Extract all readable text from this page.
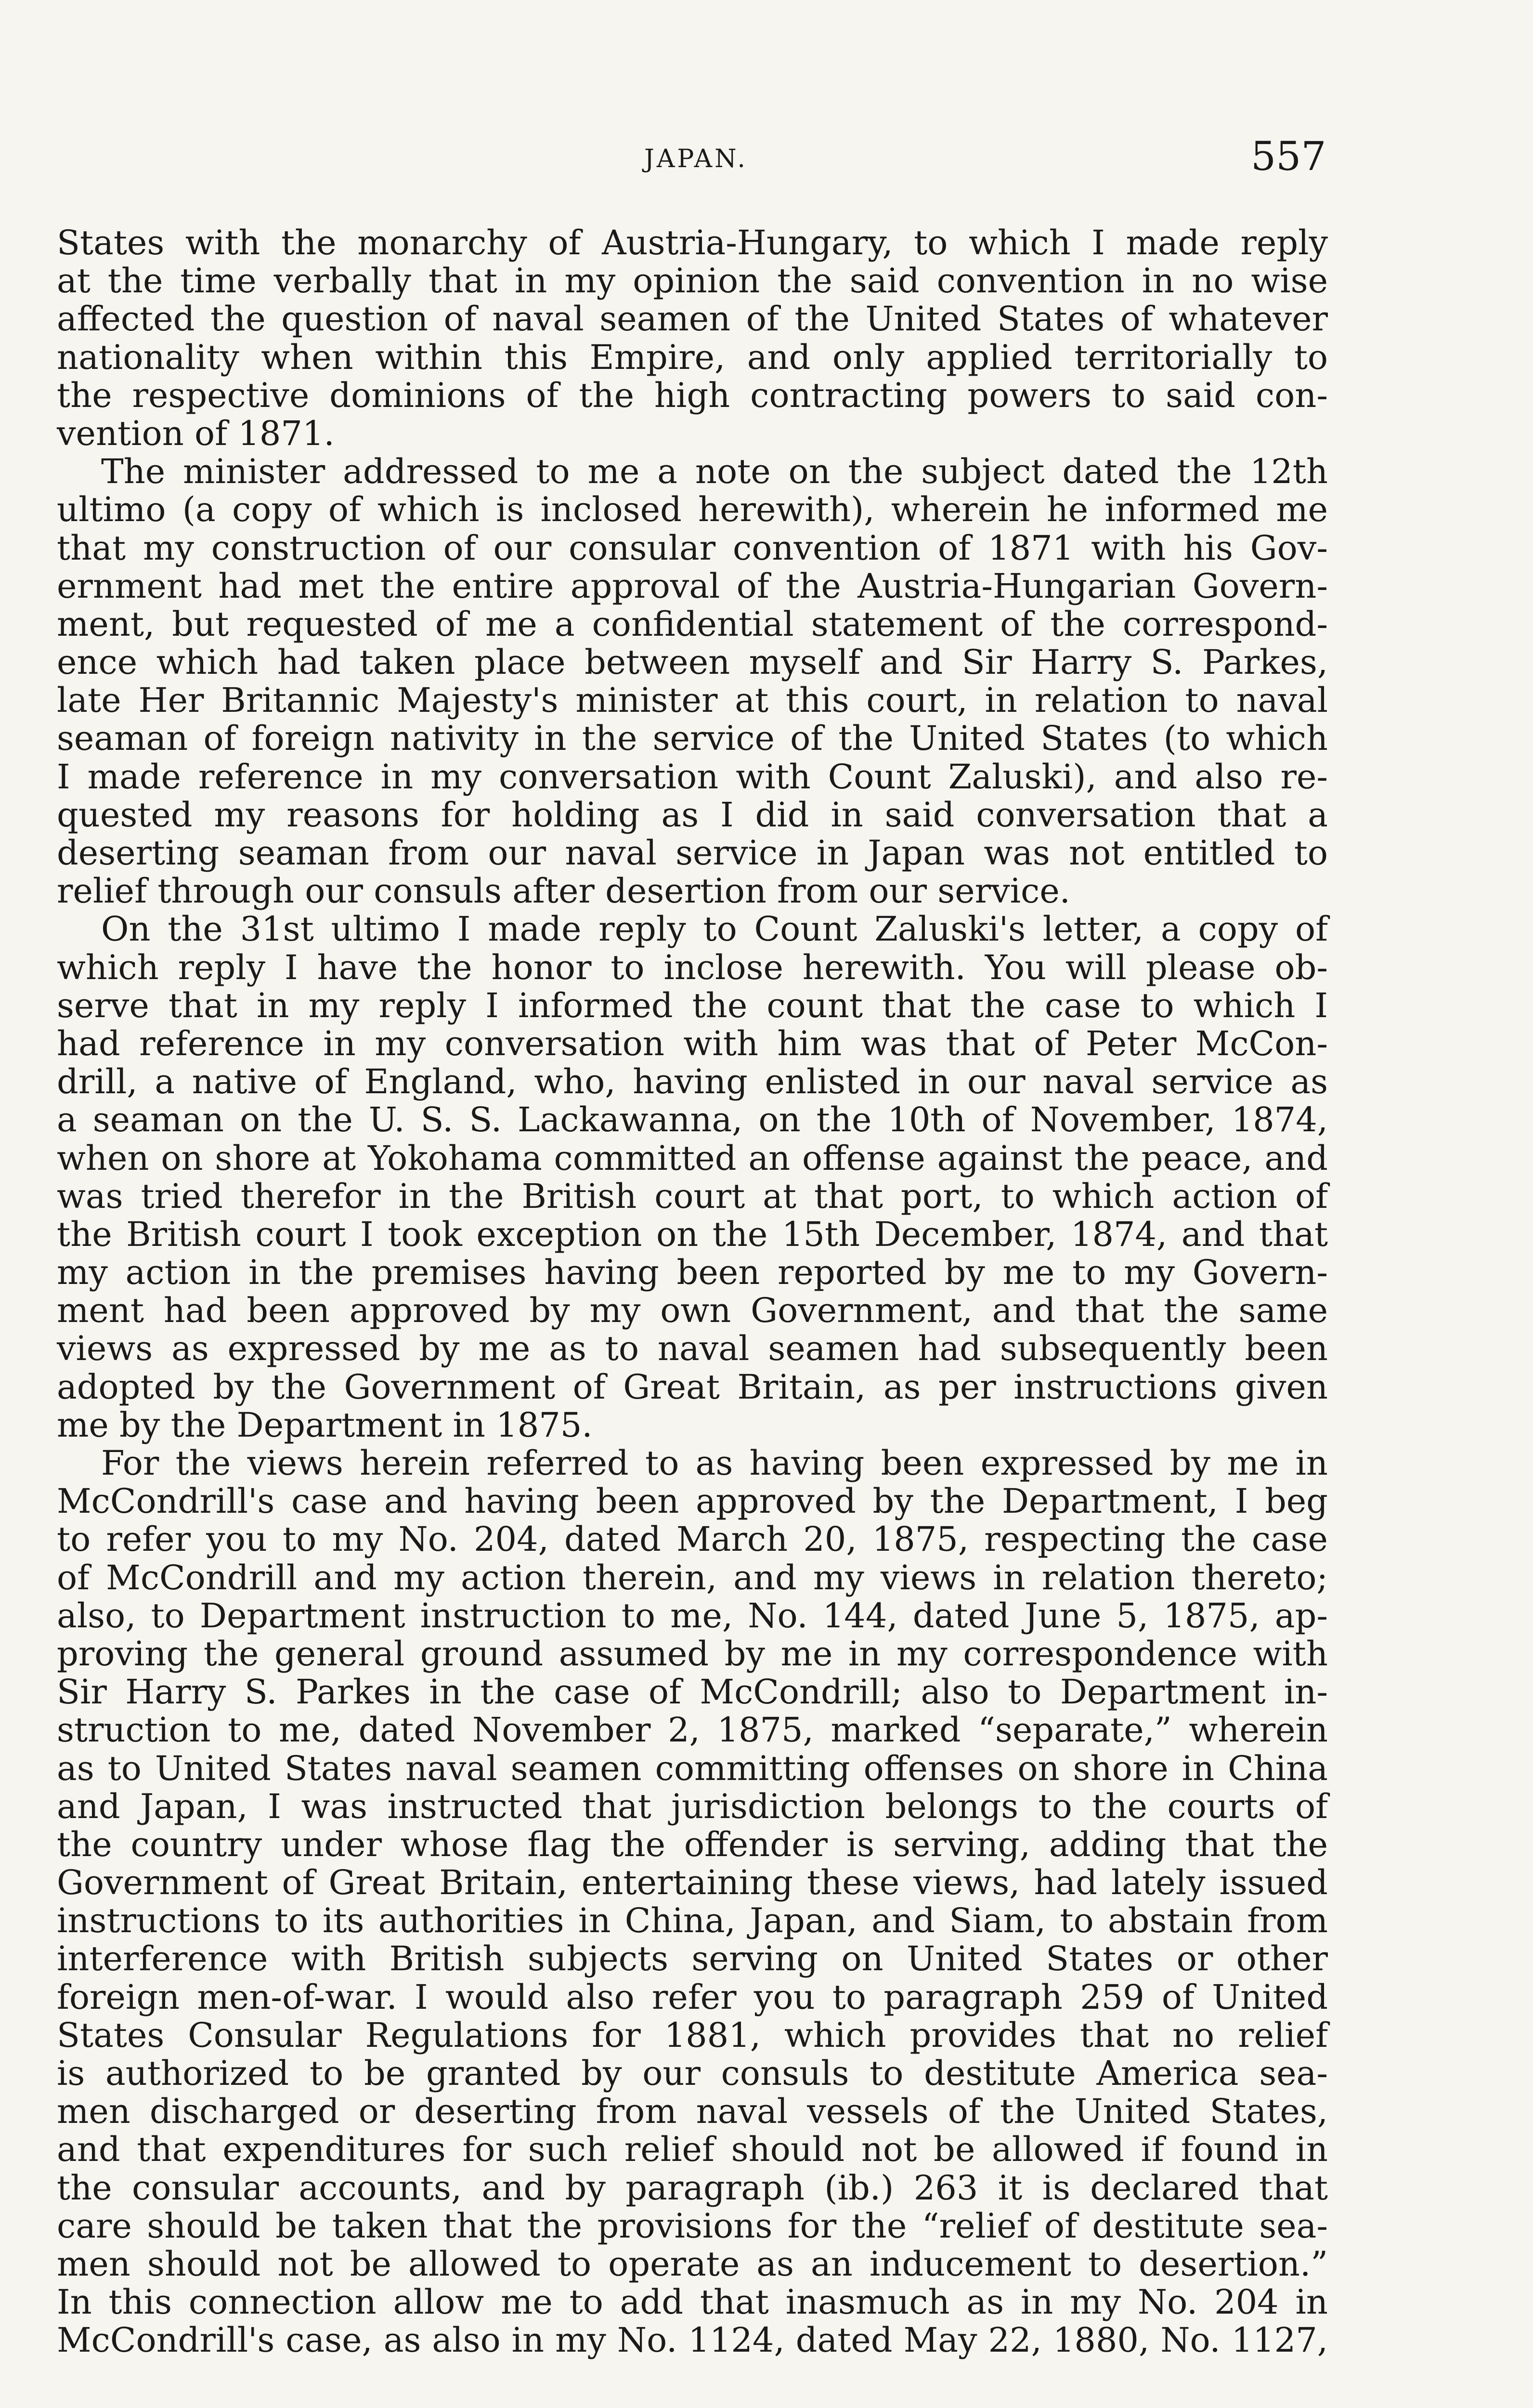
JAPAN.	557
States with the monarchy of Austria-Hungary, to which I made reply
at the time verbally that in my opinion the said convention in no wise
affected the question of naval seamen of the United States of whatever
nationality when within this Empire, and only applied territorially to
the respective dominions of the high contracting powers to said con-
vention of 1871.
The minister addressed to me a note on the subject dated the 12th
ultimo (a copy of which is inclosed herewith), wherein he informed me
that my construction of our consular convention of 1871 with his Gov-
ernment had met the entire approval of the Austria-Hungarian Govern-
ment, but requested of me a confidential statement of the correspond-
ence which had taken place between myself and Sir Harry S. Parkes,
late Her Britannic Majesty's minister at this court, in relation to naval
seaman of foreign nativity in the service of the United States (to which
I made reference in my conversation with Count Zaluski), and also re-
quested my reasons for holding as I did in said conversation that a
deserting seaman from our naval service in Japan was not entitled to
relief through our consuls after desertion from our service.
On the 31st ultimo I made reply to Count Zaluski's letter, a copy of
which reply I have the honor to inclose herewith. You will please ob-
serve that in my reply I informed the count that the case to which I
had reference in my conversation with him was that of Peter McCon-
drill, a native of England, who, having enlisted in our naval service as
a seaman on the U. S. S. Lackawanna, on the 10th of November, 1874,
when on shore at Yokohama committed an offense against the peace, and
was tried therefor in the British court at that port, to which action of
the British court I took exception on the 15th December, 1874, and that
my action in the premises having been reported by me to my Govern-
ment had been approved by my own Government, and that the same
views as expressed by me as to naval seamen had subsequently been
adopted by the Government of Great Britain, as per instructions given
me by the Department in 1875.
For the views herein referred to as having been expressed by me in
McCondrill's case and having been approved by the Department, I beg
to refer you to my No. 204, dated March 20, 1875, respecting the case
of McCondrill and my action therein, and my views in relation thereto;
also, to Department instruction to me, No. 144, dated June 5, 1875, ap-
proving the general ground assumed by me in my correspondence with
Sir Harry S. Parkes in the case of McCondrill; also to Department in-
struction to me, dated November 2, 1875, marked “separate,” wherein
as to United States naval seamen committing offenses on shore in China
and Japan, I was instructed that jurisdiction belongs to the courts of
the country under whose flag the offender is serving, adding that the
Government of Great Britain, entertaining these views, had lately issued
instructions to its authorities in China, Japan, and Siam, to abstain from
interference with British subjects serving on United States or other
foreign men-of-war. I would also refer you to paragraph 259 of United
States Consular Regulations for 1881, which provides that no relief
is authorized to be granted by our consuls to destitute America sea-
men discharged or deserting from naval vessels of the United States,
and that expenditures for such relief should not be allowed if found in
the consular accounts, and by paragraph (ib.) 263 it is declared that
care should be taken that the provisions for the “relief of destitute sea-
men should not be allowed to operate as an inducement to desertion.”
In this connection allow me to add that inasmuch as in my No. 204 in
McCondrill's case, as also in my No. 1124, dated May 22, 1880, No. 1127,
